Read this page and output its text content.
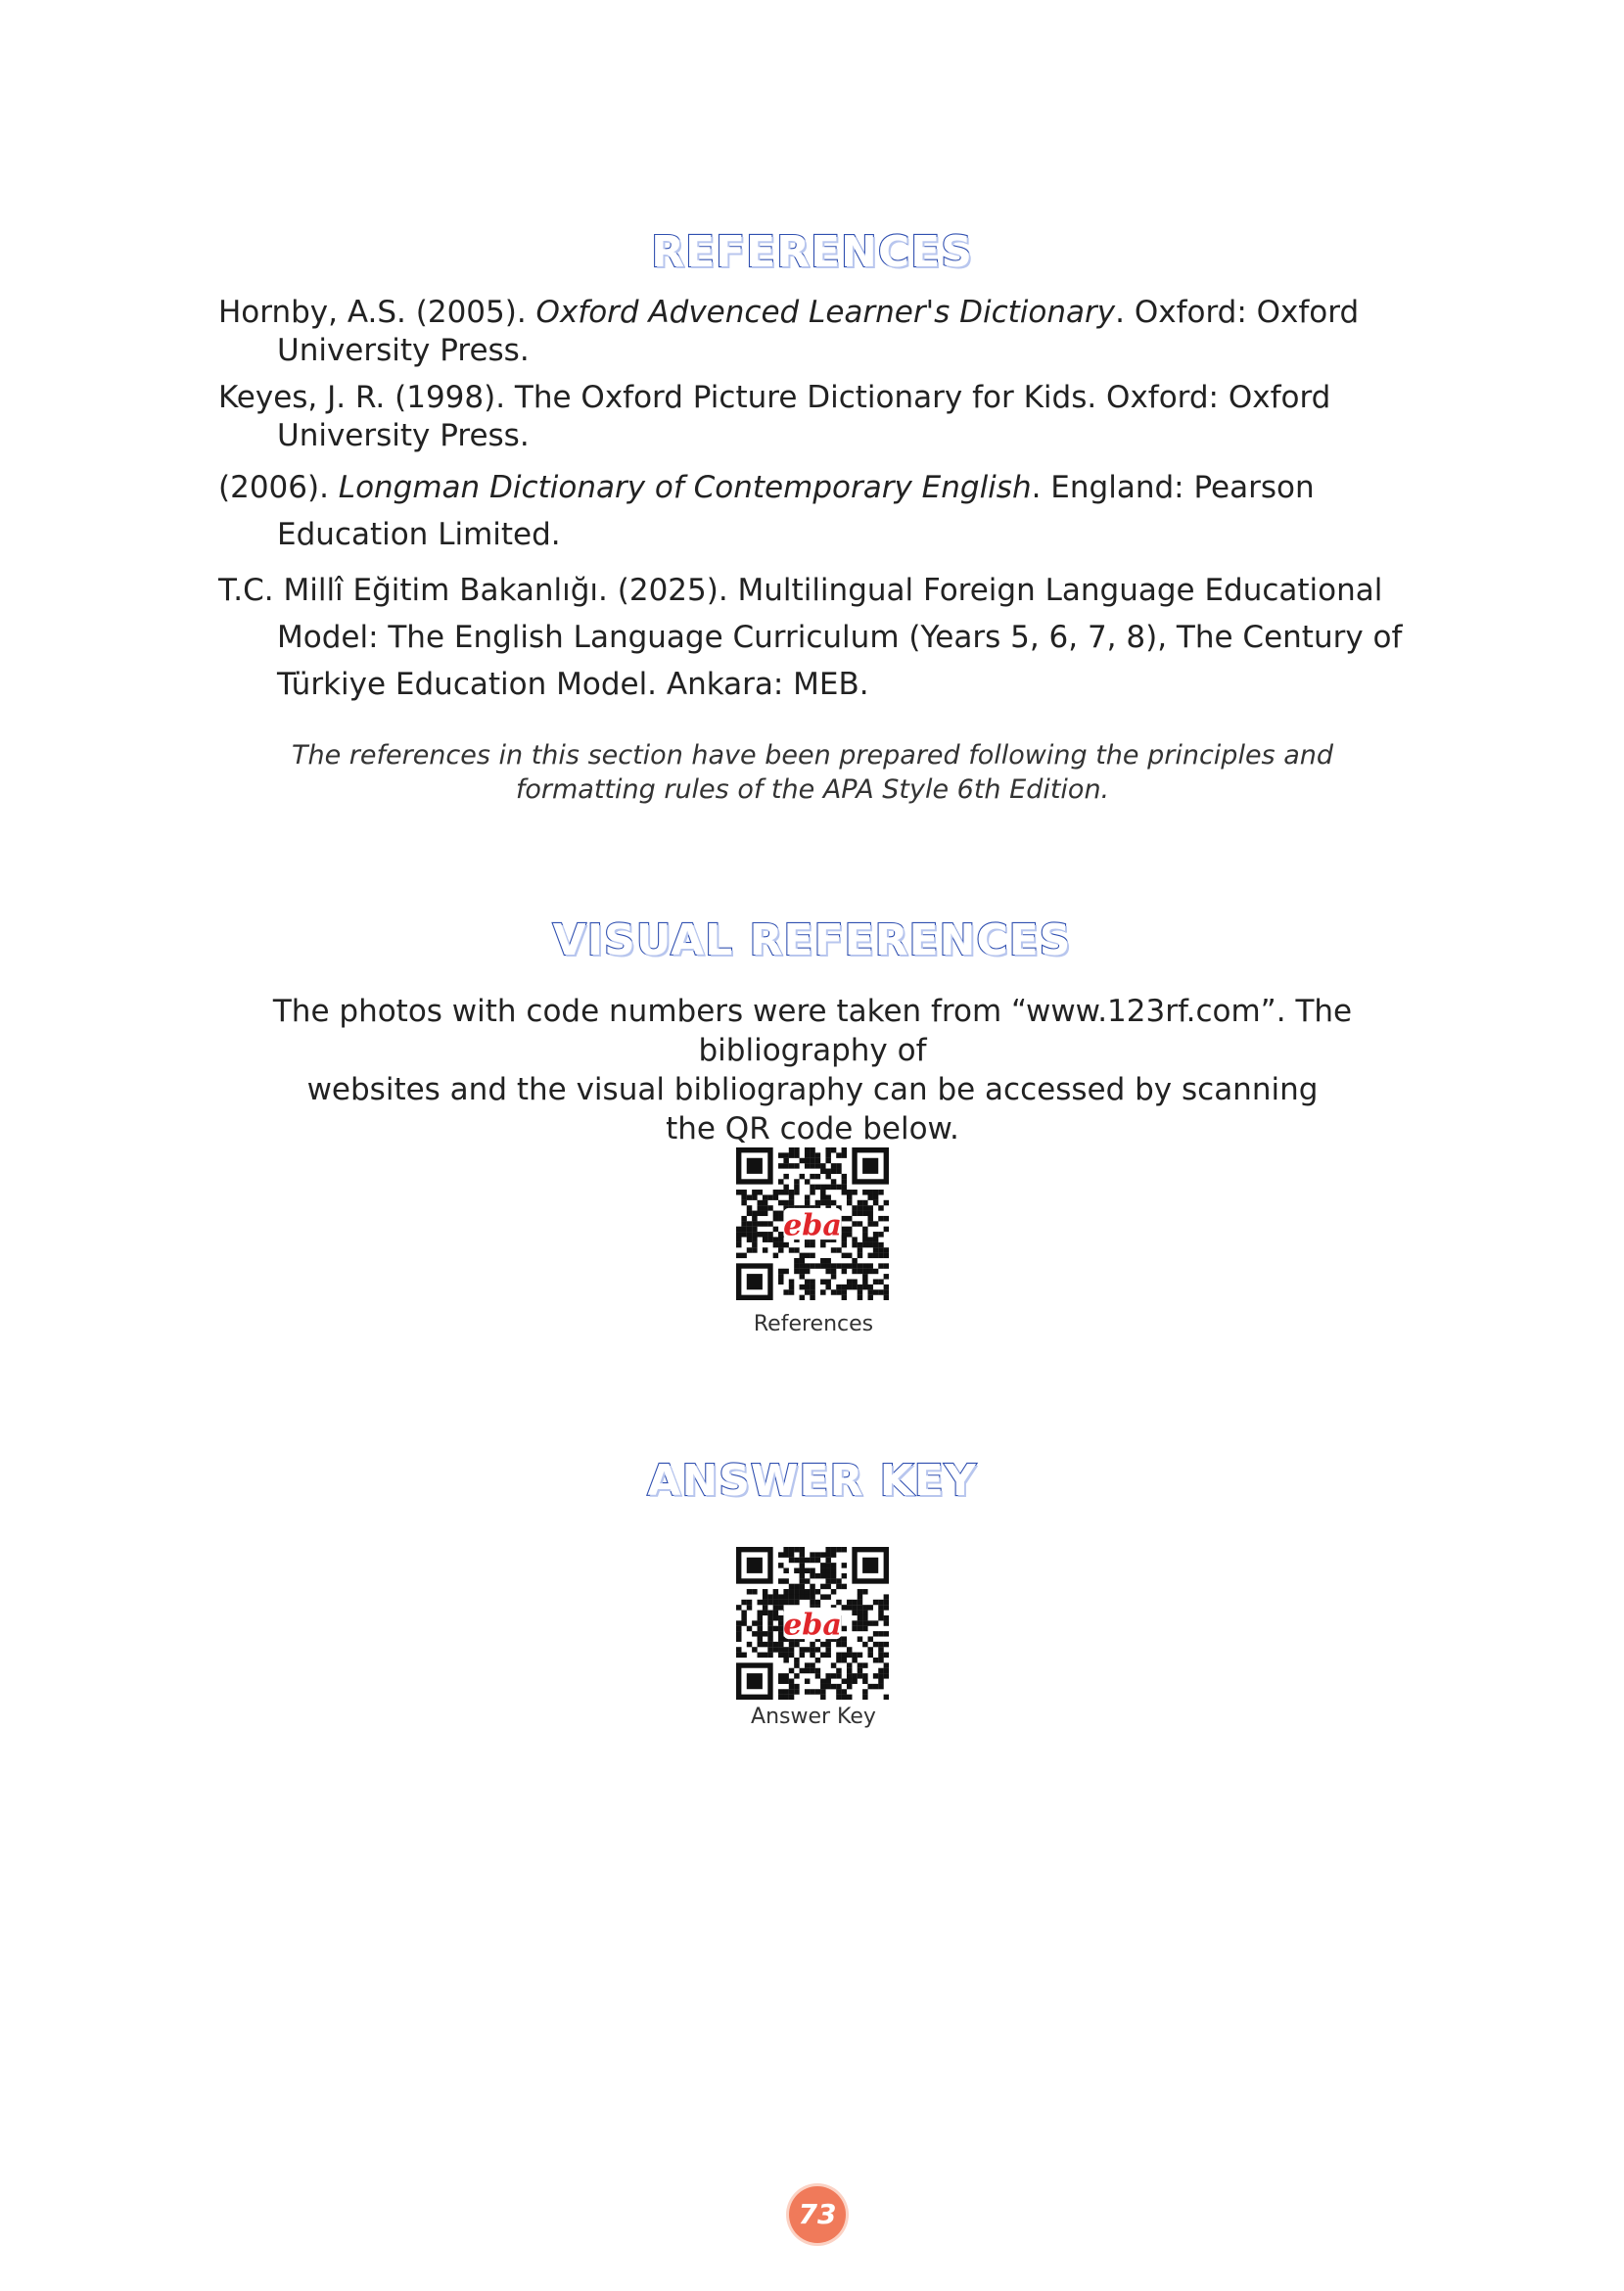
REFERENCES

Hornby, A.S. (2005). Oxford Advenced Learner's Dictionary. Oxford: Oxford University Press.

Keyes, J. R. (1998). The Oxford Picture Dictionary for Kids. Oxford: Oxford University Press.

(2006). Longman Dictionary of Contemporary English. England: Pearson Education Limited.

T.C. Millî Eğitim Bakanlığı. (2025). Multilingual Foreign Language Educational Model: The English Language Curriculum (Years 5, 6, 7, 8), The Century of Türkiye Education Model. Ankara: MEB.

The references in this section have been prepared following the principles and formatting rules of the APA Style 6th Edition.
VISUAL REFERENCES
The photos with code numbers were taken from “www.123rf.com”. The bibliography of
websites and the visual bibliography can be accessed by scanning
the QR code below.
eba
References
ANSWER KEY
eba
Answer Key
73
